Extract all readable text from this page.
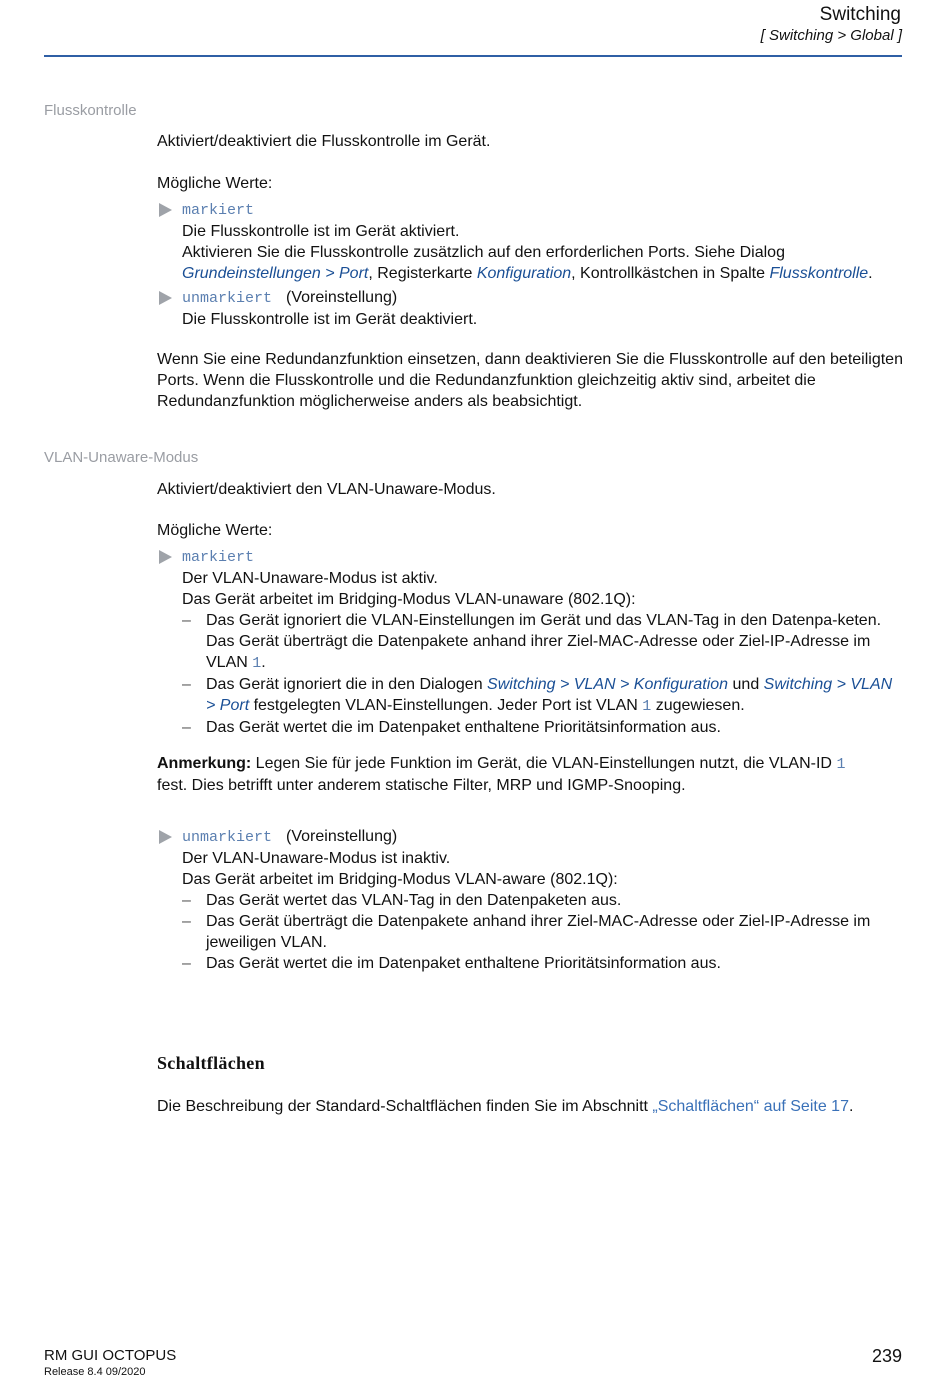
Switching
[ Switching > Global ]
Flusskontrolle
Aktiviert/deaktiviert die Flusskontrolle im Gerät.
Mögliche Werte:
markiert
Die Flusskontrolle ist im Gerät aktiviert.
Aktivieren Sie die Flusskontrolle zusätzlich auf den erforderlichen Ports. Siehe Dialog
Grundeinstellungen > Port, Registerkarte Konfiguration, Kontrollkästchen in Spalte Flusskontrolle.
unmarkiert (Voreinstellung)
Die Flusskontrolle ist im Gerät deaktiviert.
Wenn Sie eine Redundanzfunktion einsetzen, dann deaktivieren Sie die Flusskontrolle auf den beteiligten Ports. Wenn die Flusskontrolle und die Redundanzfunktion gleichzeitig aktiv sind, arbeitet die Redundanzfunktion möglicherweise anders als beabsichtigt.
VLAN-Unaware-Modus
Aktiviert/deaktiviert den VLAN-Unaware-Modus.
Mögliche Werte:
markiert
Der VLAN-Unaware-Modus ist aktiv.
Das Gerät arbeitet im Bridging-Modus VLAN-unaware (802.1Q):
– Das Gerät ignoriert die VLAN-Einstellungen im Gerät und das VLAN-Tag in den Datenpa-keten. Das Gerät überträgt die Datenpakete anhand ihrer Ziel-MAC-Adresse oder Ziel-IP-Adresse im VLAN 1.
– Das Gerät ignoriert die in den Dialogen Switching > VLAN > Konfiguration und Switching > VLAN > Port festgelegten VLAN-Einstellungen. Jeder Port ist VLAN 1 zugewiesen.
– Das Gerät wertet die im Datenpaket enthaltene Prioritätsinformation aus.
Anmerkung: Legen Sie für jede Funktion im Gerät, die VLAN-Einstellungen nutzt, die VLAN-ID 1
fest. Dies betrifft unter anderem statische Filter, MRP und IGMP-Snooping.
unmarkiert (Voreinstellung)
Der VLAN-Unaware-Modus ist inaktiv.
Das Gerät arbeitet im Bridging-Modus VLAN-aware (802.1Q):
– Das Gerät wertet das VLAN-Tag in den Datenpaketen aus.
– Das Gerät überträgt die Datenpakete anhand ihrer Ziel-MAC-Adresse oder Ziel-IP-Adresse im jeweiligen VLAN.
– Das Gerät wertet die im Datenpaket enthaltene Prioritätsinformation aus.
Schaltflächen
Die Beschreibung der Standard-Schaltflächen finden Sie im Abschnitt „Schaltflächen“ auf Seite 17.
RM GUI OCTOPUS
Release 8.4 09/2020
239
